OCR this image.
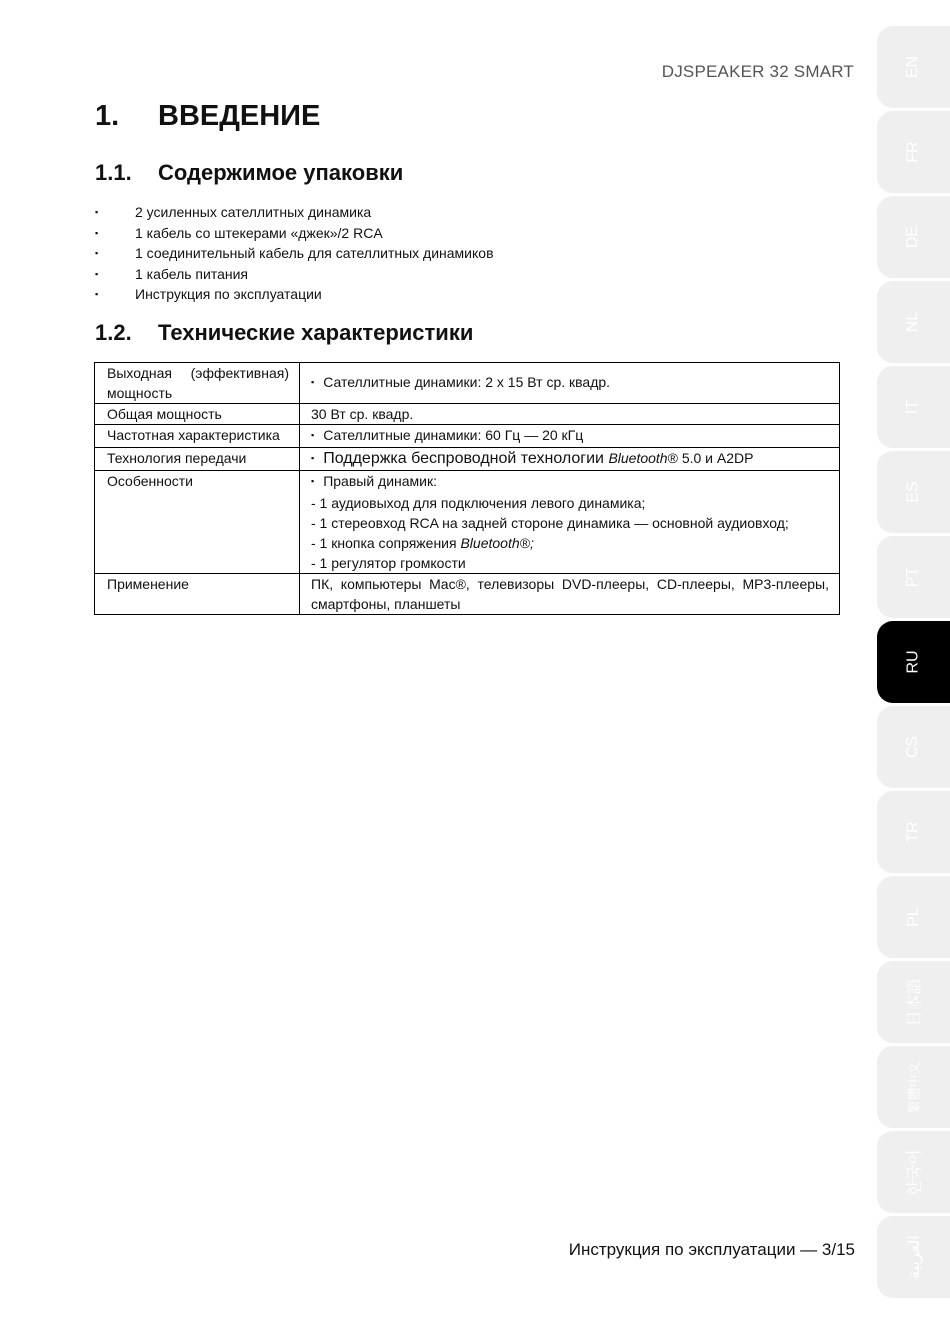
DJSPEAKER 32 SMART
1.	ВВЕДЕНИЕ
1.1.	Содержимое упаковки
▪	2 усиленных сателлитных динамика
▪	1 кабель со штекерами «джек»/2 RCA
▪	1 соединительный кабель для сателлитных динамиков
▪	1 кабель питания
▪	Инструкция по эксплуатации
1.2.	Технические характеристики
Выходная (эффективная) мощность	▪ Сателлитные динамики: 2 x 15 Вт ср. квадр.
Общая мощность	30 Вт ср. квадр.
Частотная характеристика	▪ Сателлитные динамики: 60 Гц — 20 кГц
Технология передачи	▪ Поддержка беспроводной технологии Bluetooth® 5.0 и A2DP
Особенности	▪ Правый динамик:
- 1 аудиовыход для подключения левого динамика;
- 1 стереовход RCA на задней стороне динамика — основной аудиовход;
- 1 кнопка сопряжения Bluetooth®;
- 1 регулятор громкости

Применение	ПК, компьютеры Mac®, телевизоры DVD-плееры, CD-плееры, MP3-плееры, смартфоны, планшеты
Инструкция по эксплуатации — 3/15
EN
FR
DE
NL
IT
ES
PT
RU
CS
TR
PL
日本語
繁體中文
한국어
العربية
